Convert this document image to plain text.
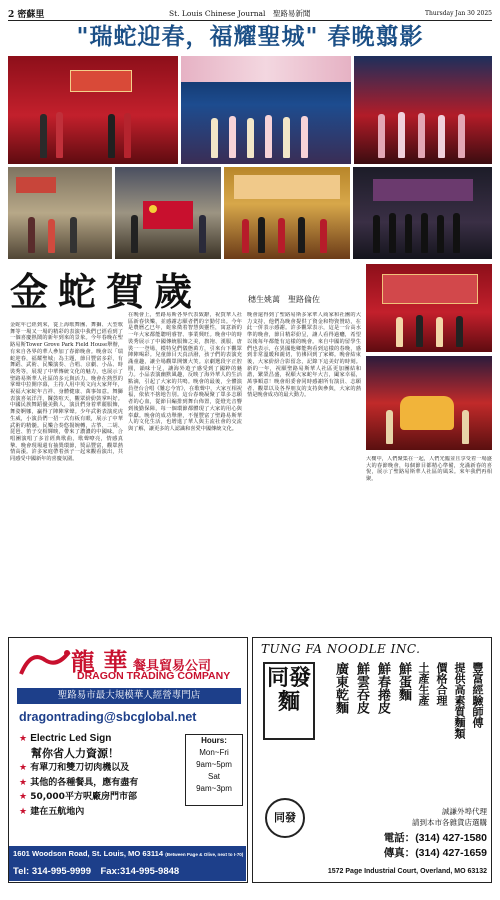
2 密蘇里	St. Louis Chinese Journal　聖路易新聞	Thursday Jan 30 2025
"瑞蛇迎春，福耀聖城" 春晚翦影
金蛇賀歲	穗生姚萬　聖路倫佐
金蛇年已經到來，從上海歌舞團、舞獅、大型歌舞等一場又一場的精彩的表演中我們已經看到了一個喜慶熱鬧的新年到來的景象。今年春晚在聖路易斯Tower Grove Park Field House舉辦，有來自各界的華人參加了春節晚會。晚會以「瑞蛇迎春，福耀聖城」為主題，節目豐富多彩，有舞蹈、武術、民樂演奏、合唱、京劇、小品、時裝秀等，展現了中華傳統文化的魅力，也展示了聖路易斯華人社區的多元與活力。晚會在熱烈的掌聲中拉開序幕，主持人用中英文向大家拜年，祝福大家蛇年吉祥、身體健康、萬事如意。舞獅表演喜氣洋洋，鑼鼓喧天，觀眾紛紛鼓掌叫好。中國民族舞蹈優美動人，演員們身着華麗服飾，舞姿婀娜，贏得了陣陣掌聲。少年武術表演虎虎生威，小演員們一招一式有板有眼，展示了中華武術的精髓。民樂合奏悠揚婉轉，古箏、二胡、琵琶、笛子交相輝映，帶來了濃濃的中國味。合唱團演唱了多首經典歌曲，歌聲嘹亮，情感真摯。晚會現場還有抽獎環節，獎品豐富，觀眾熱情高漲。許多家庭帶着孩子一起來觀看演出，共同感受中國新年的喜慶氛圍。
在晚會上，聖路易斯各界代表致辭，祝賀華人社區新春快樂，並感謝志願者們的辛勤付出。今年是農曆乙巳年，蛇象徵着智慧與靈性，寓意新的一年大家都能聰明睿智、事業興旺。晚會中的時裝秀展示了中國傳統服飾之美，旗袍、漢服、唐裝一一登場，模特兒們儀態萬方，引來台下觀眾陣陣喝彩。兒童節目天真活潑，孩子們的表演充滿童趣，讓全場觀眾開懷大笑。京劇選段字正腔圓，韻味十足，讓海外遊子感受到了國粹的魅力。小品表演幽默風趣，反映了海外華人的生活點滴，引起了大家的共鳴。晚會的最後，全體演員登台合唱《難忘今宵》，在歌聲中，大家互相祝福，依依不捨地告別。這台春晚凝聚了眾多志願者的心血，從節目編排到舞台佈置，從燈光音響到後勤保障，每一個環節都體現了大家的用心與奉獻。晚會的成功舉辦，不僅豐富了聖路易斯華人的文化生活，也增進了華人與主流社會的交流與了解，讓更多的人認識和喜愛中國傳統文化。
晚會還得到了聖路易斯多家華人商家和社團的大力支持，他們為晚會提供了資金和物資贊助，在此一併表示感謝。許多觀眾表示，這是一台高水準的晚會，節目精彩紛呈，讓人看得過癮，希望以後每年都能有這樣的晚會。來自中國的留學生們也表示，在異國他鄉能夠看到這樣的春晚，感到非常溫暖和親切，彷彿回到了家鄉。晚會結束後，大家紛紛合影留念，記錄下這美好的時刻。新的一年，祝願聖路易斯華人社區更加團結和諧，繁榮昌盛，祝願大家蛇年大吉，闔家幸福，萬事順意！晚會組委會同時感謝所有演員、志願者、觀眾以及各界朋友的支持與參與，大家的熱情是晚會成功的最大動力。
大樓中，人們聚集在一起，人們光臨並且享受着一場盛大的春節晚會，每個節目都精心準備，充滿新春的喜悅，展示了聖路易斯華人社區的風采。來年我們再相聚。
龍 華 餐具貿易公司
DRAGON TRADING COMPANY
聖路易市最大規模華人經營專門店
dragontrading@sbcglobal.net
★ Electric Led Sign
幫你省人力資源！
★ 有單刀和雙刀切肉機以及
★ 其他的各種餐具，應有盡有
★ 50,000平方呎廠房門市部
★ 建在五航地內
Hours:
Mon~Fri
9am~5pm
Sat
9am~3pm
1601 Woodson Road, St. Louis, MO 63114 (Between Page & Olive, next to I-70)
Tel: 314-995-9999　Fax:314-995-9848
TUNG FA NOODLE INC.
同發麵	豐富經驗師傅
提供高素質麵類
價格合理
土產生產
鮮蛋麵
鮮春捲皮
鮮雲吞皮
廣東乾麵
同發	誠謙外埠代理
請到本市各雜貨店選購
電話：(314) 427-1580
傳真：(314) 427-1659
1572 Page Industrial Court, Overland, MO 63132
